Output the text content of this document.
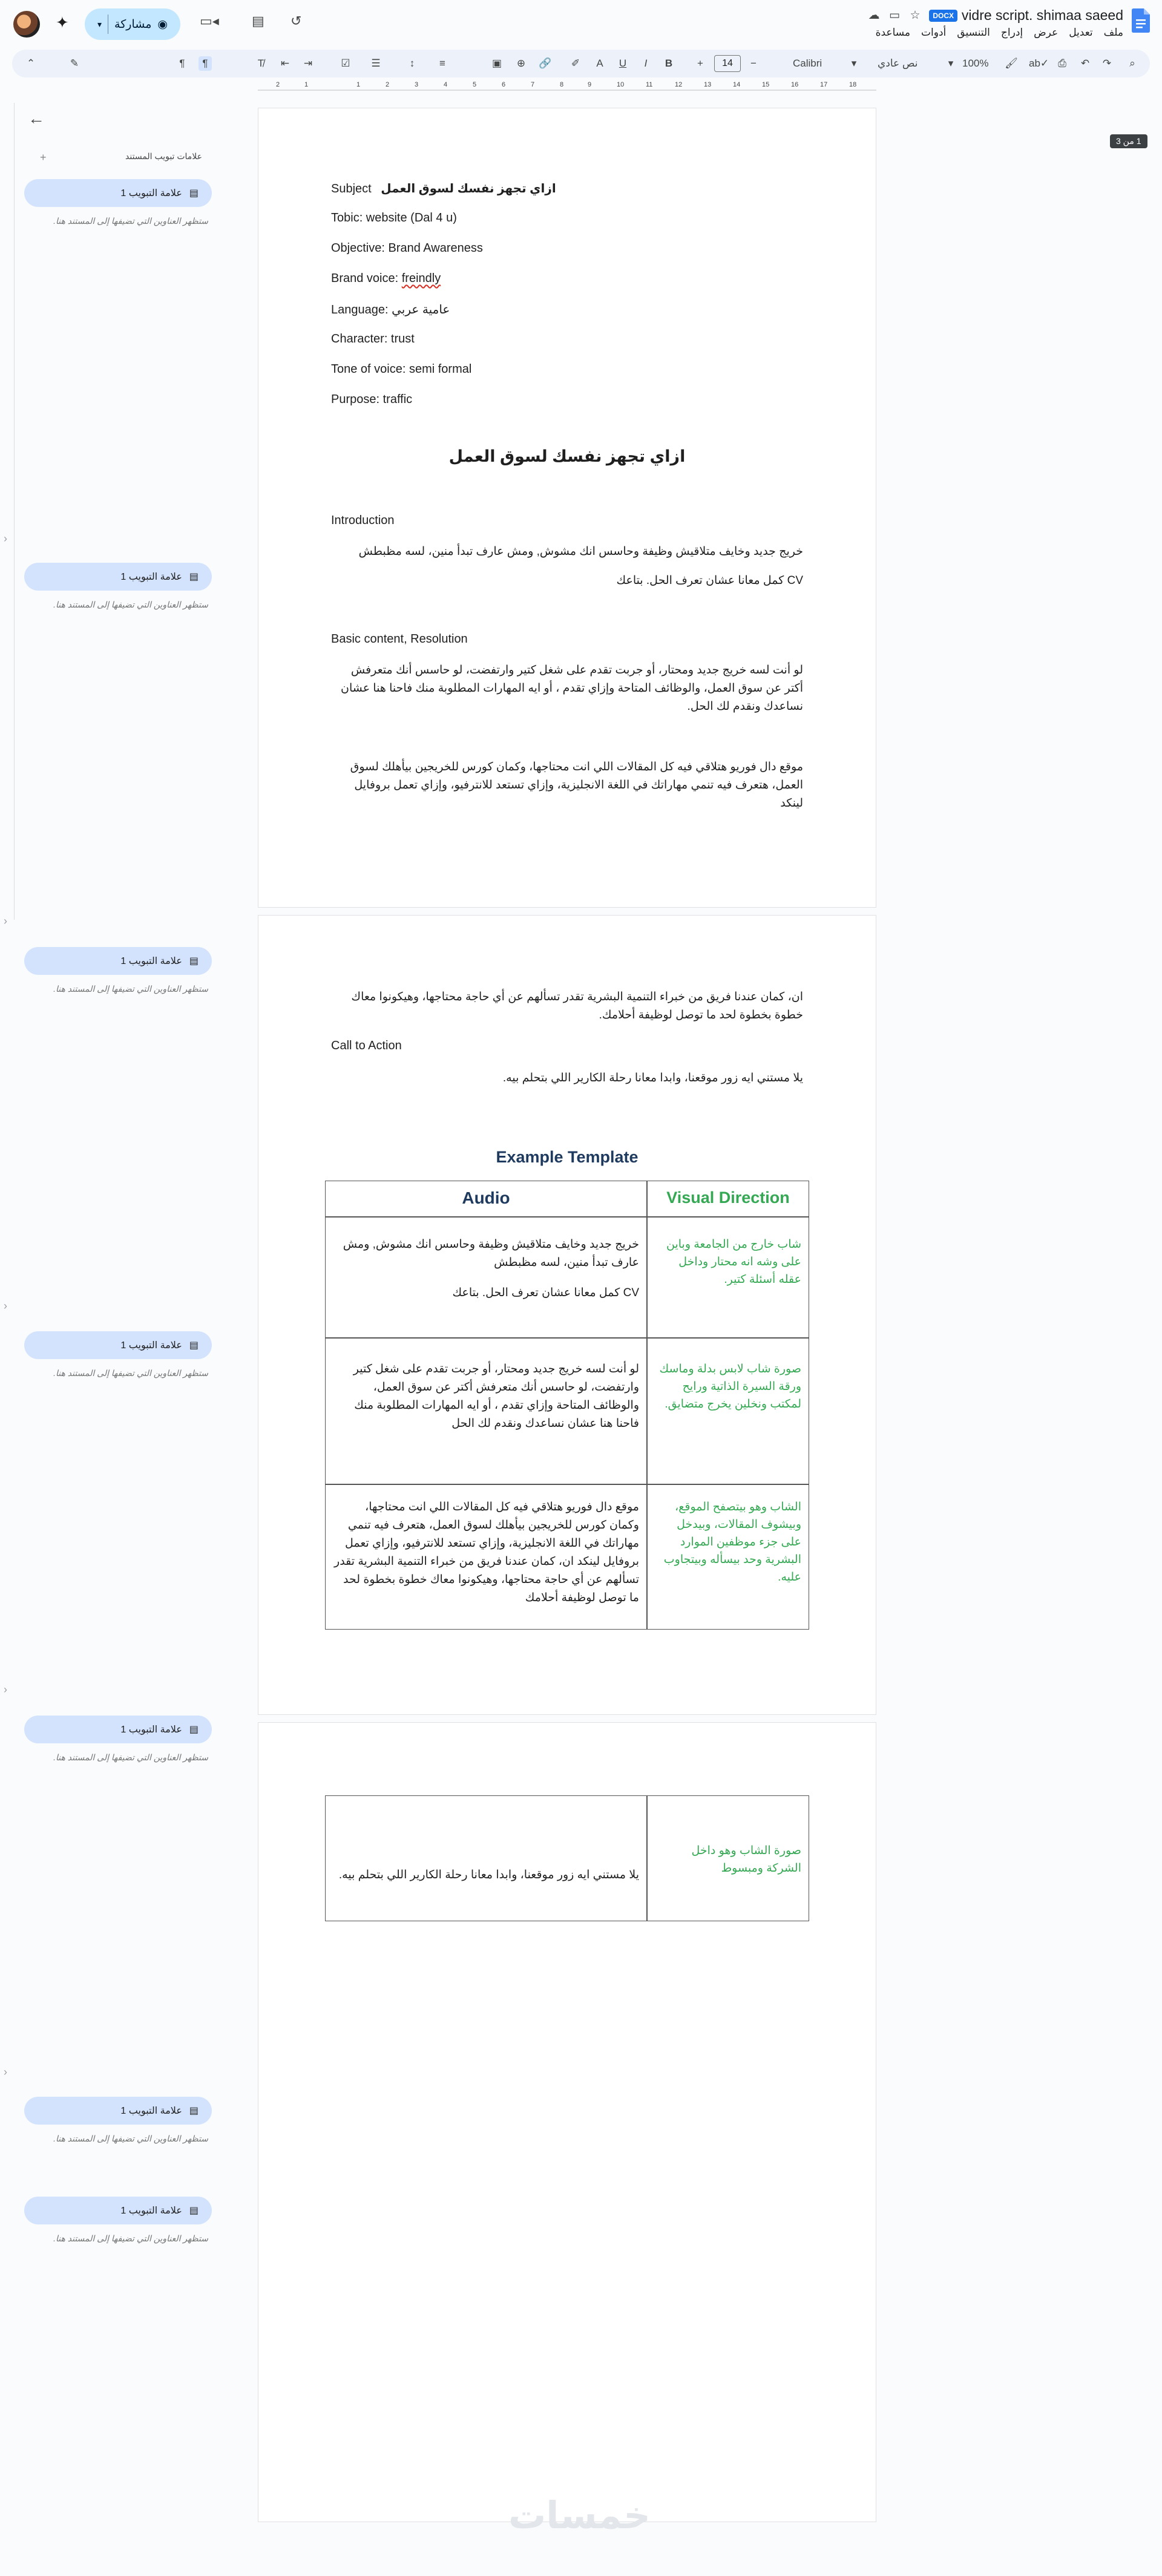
vidre script. shimaa saeed
DOCX
☆
▭
☁
ملف
تعديل
عرض
إدراج
التنسيق
أدوات
مساعدة
✦	▾ مشاركة ◉ ▭◂ ▤ ↺
⌃	✎	¶	¶	T̸	⇤ ⇥	☑ ☰	↕	≡	▣ ⊕ 🔗 ✐	A	U	I	B	+	14	−	Calibri	▾	نص عادي	▾ 100% 🖌 ab✓ ⎙ ↶ ↷	⌕
2	1	1	2	3	4	5	6	7	8	9	10	11	12	13	14	15	16	17	18
1 من 3
←
+	علامات تبويب المستند
علامة التبويب 1 ▤
ستظهر العناوين التي تضيفها إلى المستند هنا.
علامة التبويب 1 ▤
ستظهر العناوين التي تضيفها إلى المستند هنا.
علامة التبويب 1 ▤
ستظهر العناوين التي تضيفها إلى المستند هنا.
علامة التبويب 1 ▤
ستظهر العناوين التي تضيفها إلى المستند هنا.
علامة التبويب 1 ▤
ستظهر العناوين التي تضيفها إلى المستند هنا.
علامة التبويب 1 ▤
ستظهر العناوين التي تضيفها إلى المستند هنا.
علامة التبويب 1 ▤
ستظهر العناوين التي تضيفها إلى المستند هنا.
›
›
›
›
›
Subject ازاي تجهز نفسك لسوق العمل
Tobic: website (Dal 4 u)
Objective: Brand Awareness
Brand voice: freindly
Language: عامية عربي
Character: trust
Tone of voice: semi formal
Purpose: traffic
ازاي تجهز نفسك لسوق العمل
Introduction
خريج جديد وخايف متلاقيش وظيفة وحاسس انك مشوش, ومش عارف تبدأ منين، لسه مظبطش
CV كمل معانا عشان تعرف الحل. بتاعك
Basic content, Resolution
لو أنت لسه خريج جديد ومحتار، أو جربت تقدم على شغل كتير وارتفضت، لو حاسس أنك متعرفش أكتر عن سوق العمل، والوظائف المتاحة وإزاي تقدم ، أو ايه المهارات المطلوبة منك فاحنا هنا عشان نساعدك ونقدم لك الحل.
موقع دال فوريو هتلاقي فيه كل المقالات اللي انت محتاجها، وكمان كورس للخريجين بيأهلك لسوق العمل، هتعرف فيه تنمي مهاراتك في اللغة الانجليزية، وإزاي تستعد للانترفيو، وإزاي تعمل بروفايل لينكد
ان، كمان عندنا فريق من خبراء التنمية البشرية تقدر تسألهم عن أي حاجة محتاجها، وهيكونوا معاك خطوة بخطوة لحد ما توصل لوظيفة أحلامك.
Call to Action
يلا مستني ايه زور موقعنا، وابدا معانا رحلة الكارير اللي بتحلم بيه.
Example Template
Audio	Visual Direction
خريج جديد وخايف متلاقيش وظيفة وحاسس انك مشوش, ومش عارف تبدأ منين، لسه مظبطش
CV كمل معانا عشان تعرف الحل. بتاعك
شاب خارج من الجامعة وباين على وشه انه محتار وداخل عقله أسئلة كتير.
لو أنت لسه خريج جديد ومحتار، أو جربت تقدم على شغل كتير وارتفضت، لو حاسس أنك متعرفش أكتر عن سوق العمل، والوظائف المتاحة وإزاي تقدم ، أو ايه المهارات المطلوبة منك فاحنا هنا عشان نساعدك ونقدم لك الحل
صورة شاب لابس بدلة وماسك ورقة السيرة الذاتية ورايح لمكتب ونخلين يخرج متضايق.
موقع دال فوريو هتلاقي فيه كل المقالات اللي انت محتاجها، وكمان كورس للخريجين بيأهلك لسوق العمل، هتعرف فيه تنمي مهاراتك في اللغة الانجليزية، وإزاي تستعد للانترفيو، وإزاي تعمل بروفايل لينكد ان، كمان عندنا فريق من خبراء التنمية البشرية تقدر تسألهم عن أي حاجة محتاجها، وهيكونوا معاك خطوة بخطوة لحد ما توصل لوظيفة أحلامك
الشاب وهو بيتصفح الموقع، وبيشوف المقالات، وبيدخل على جزء موظفين الموارد البشرية وحد بيسأله وبيتجاوب عليه.
يلا مستني ايه زور موقعنا، وابدا معانا رحلة الكارير اللي بتحلم بيه.
صورة الشاب وهو داخل الشركة ومبسوط
خمسات
